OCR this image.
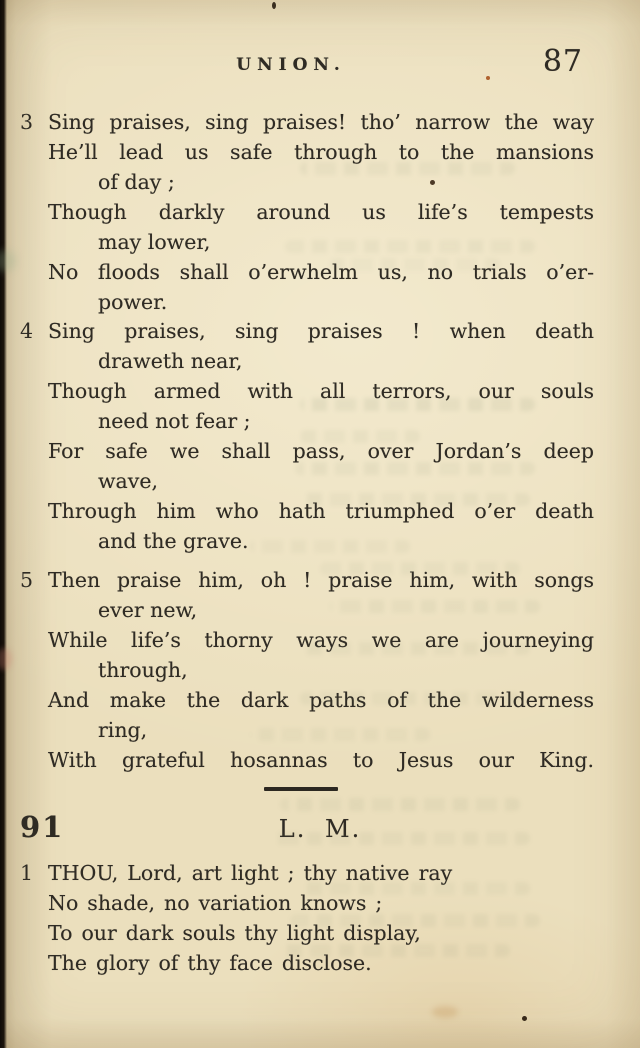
UNION.	87
3 Sing praises, sing praises! tho’ narrow the way
He’ll lead us safe through to the mansions
of day ;
Though darkly around us life’s tempests
may lower,
No floods shall o’erwhelm us, no trials o’er-
power.
4 Sing praises, sing praises ! when death
draweth near,
Though armed with all terrors, our souls
need not fear ;
For safe we shall pass, over Jordan’s deep
wave,
Through him who hath triumphed o’er death
and the grave.
5 Then praise him, oh ! praise him, with songs
ever new,
While life’s thorny ways we are journeying
through,
And make the dark paths of the wilderness
ring,
With grateful hosannas to Jesus our King.
1 THOU, Lord, art light ; thy native ray
No shade, no variation knows ;
To our dark souls thy light display,
The glory of thy face disclose.
91	L. M.
